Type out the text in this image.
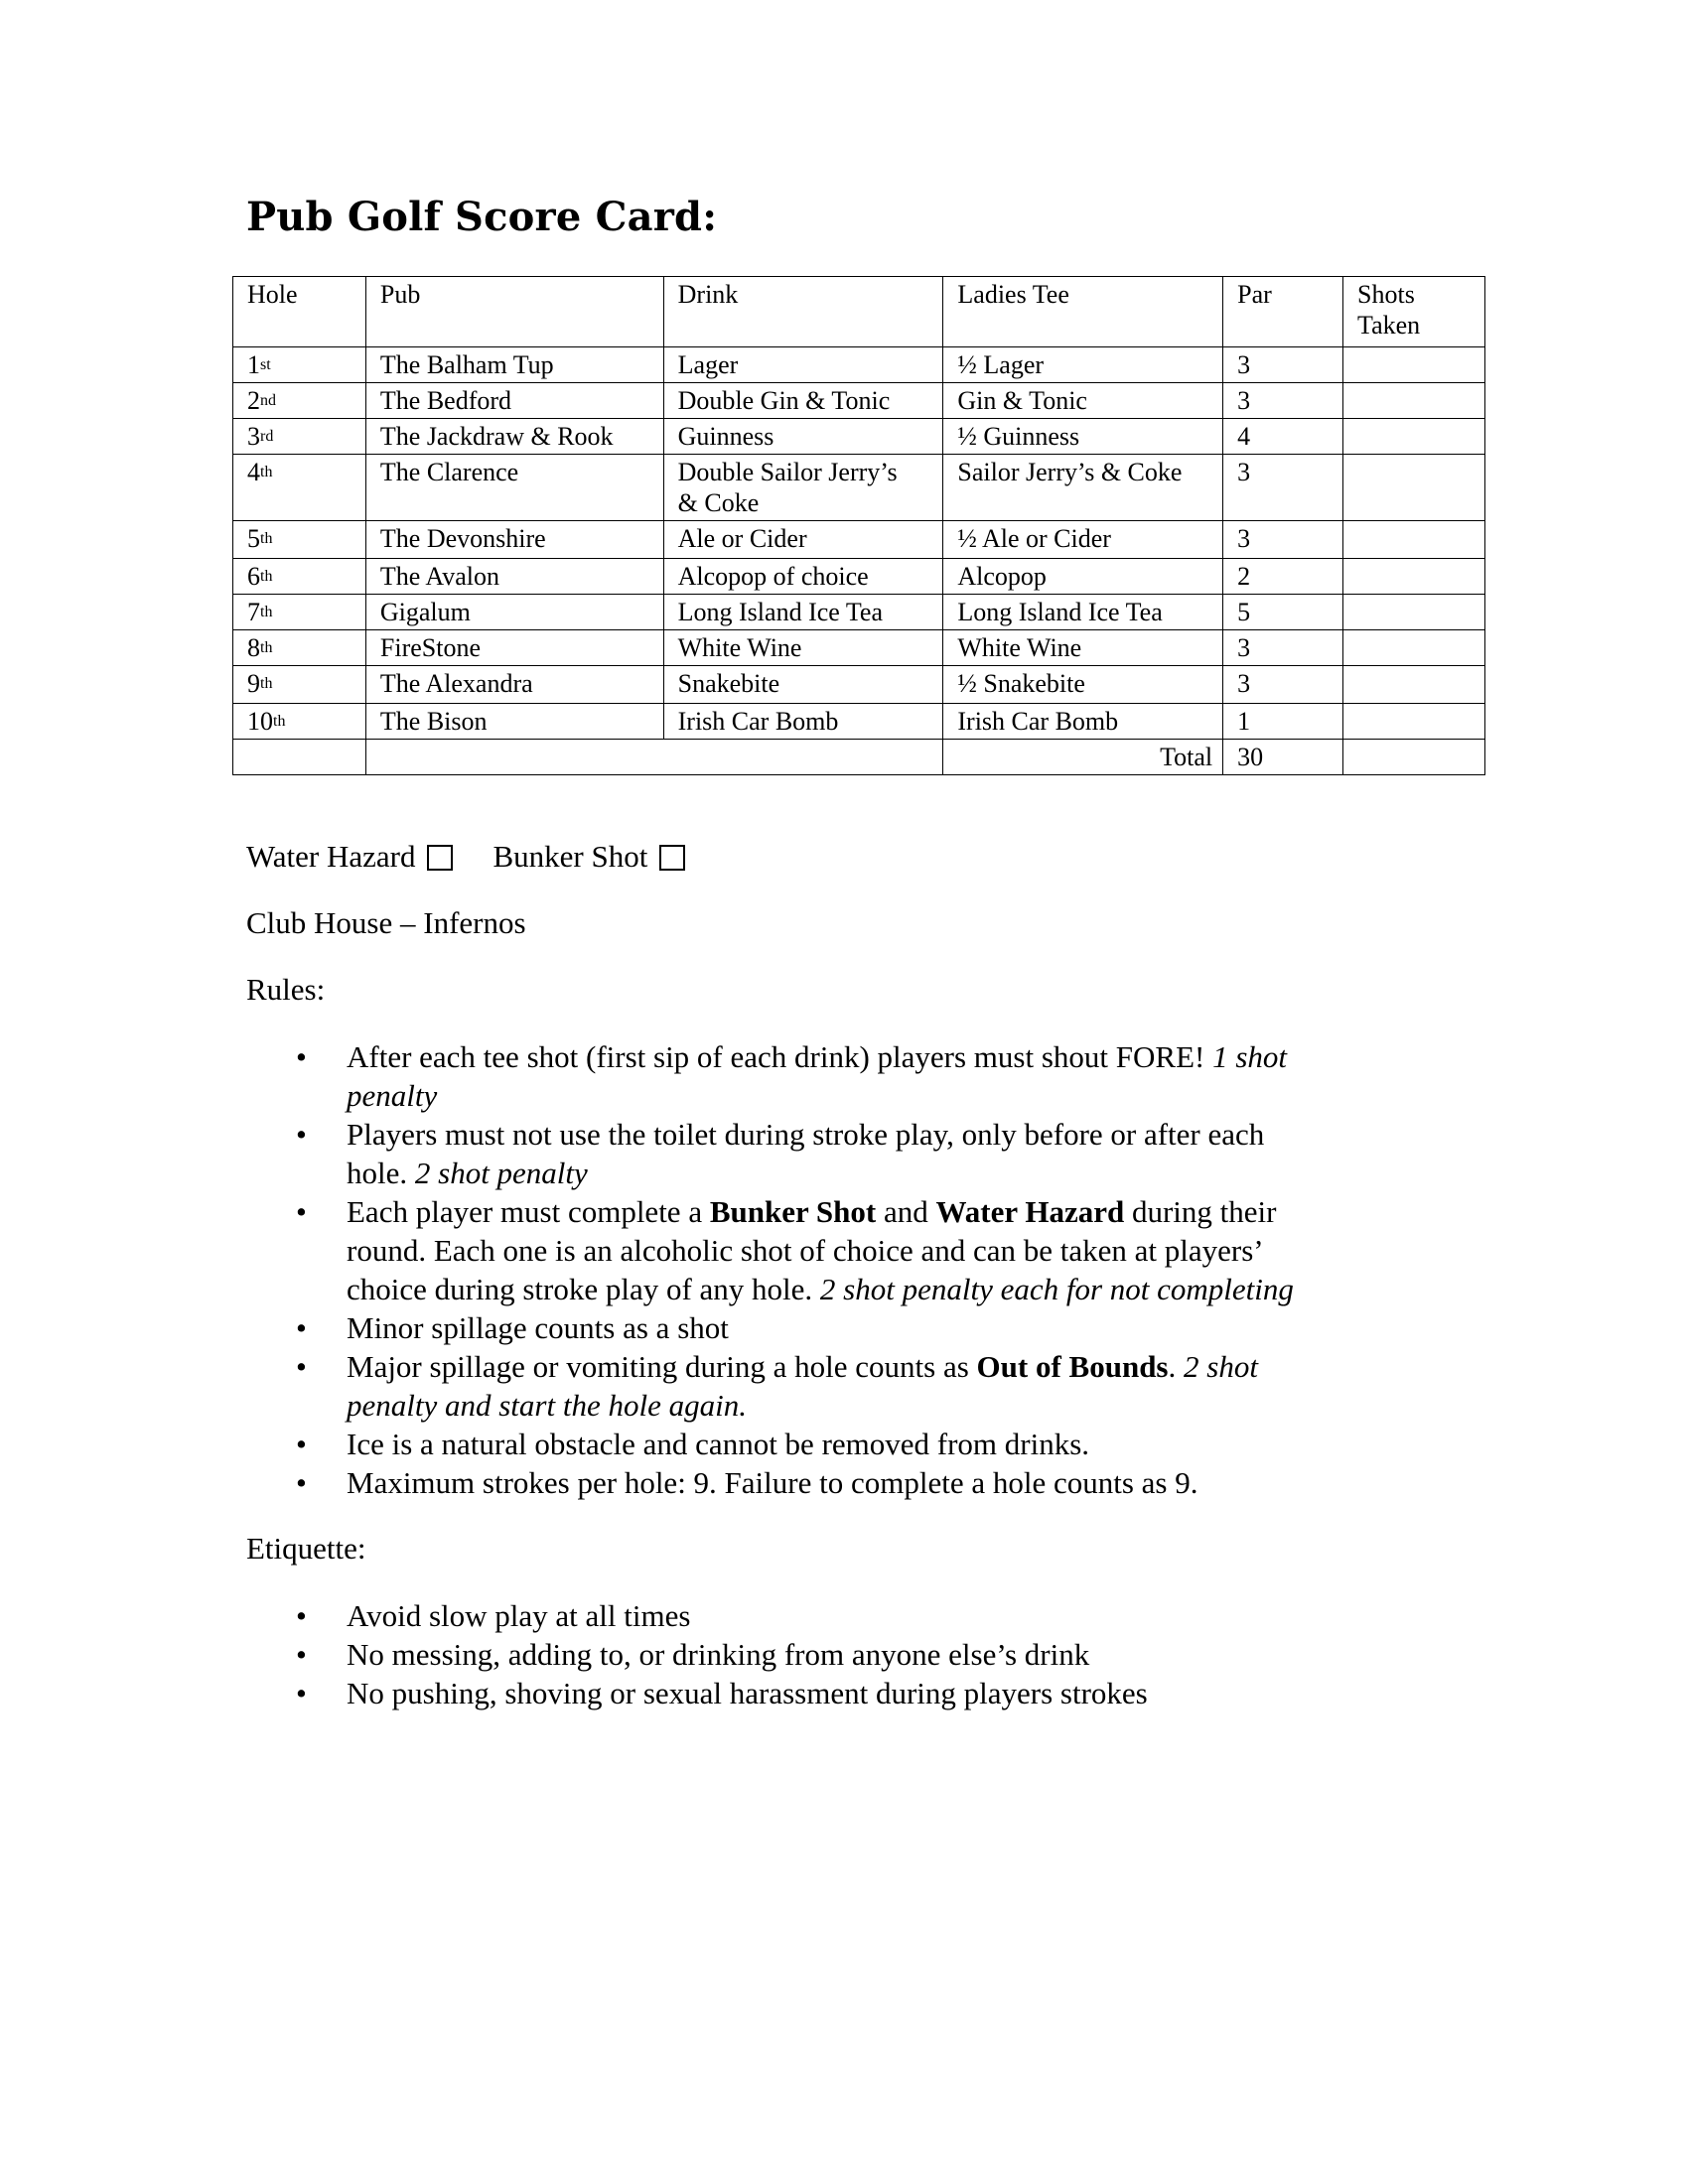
Pub Golf Score Card:
Hole	Pub	Drink	Ladies Tee	Par	Shots
Taken
1st	The Balham Tup	Lager	½ Lager	3	
2nd	The Bedford	Double Gin & Tonic	Gin & Tonic	3	
3rd	The Jackdraw & Rook	Guinness	½ Guinness	4	
4th	The Clarence	Double Sailor Jerry’s
& Coke	Sailor Jerry’s & Coke	3	
5th	The Devonshire	Ale or Cider	½ Ale or Cider	3	
6th	The Avalon	Alcopop of choice	Alcopop	2	
7th	Gigalum	Long Island Ice Tea	Long Island Ice Tea	5	
8th	FireStone	White Wine	White Wine	3	
9th	The Alexandra	Snakebite	½ Snakebite	3	
10th	The Bison	Irish Car Bomb	Irish Car Bomb	1	
			Total	30	

Water Hazard	Bunker Shot

Club House – Infernos

Rules:

• After each tee shot (first sip of each drink) players must shout FORE! 1 shot
penalty
• Players must not use the toilet during stroke play, only before or after each
hole. 2 shot penalty
• Each player must complete a Bunker Shot and Water Hazard during their
round. Each one is an alcoholic shot of choice and can be taken at players’
choice during stroke play of any hole. 2 shot penalty each for not completing
• Minor spillage counts as a shot
• Major spillage or vomiting during a hole counts as Out of Bounds. 2 shot
penalty and start the hole again.
• Ice is a natural obstacle and cannot be removed from drinks.
• Maximum strokes per hole: 9. Failure to complete a hole counts as 9.

Etiquette:

• Avoid slow play at all times
• No messing, adding to, or drinking from anyone else’s drink
• No pushing, shoving or sexual harassment during players strokes
